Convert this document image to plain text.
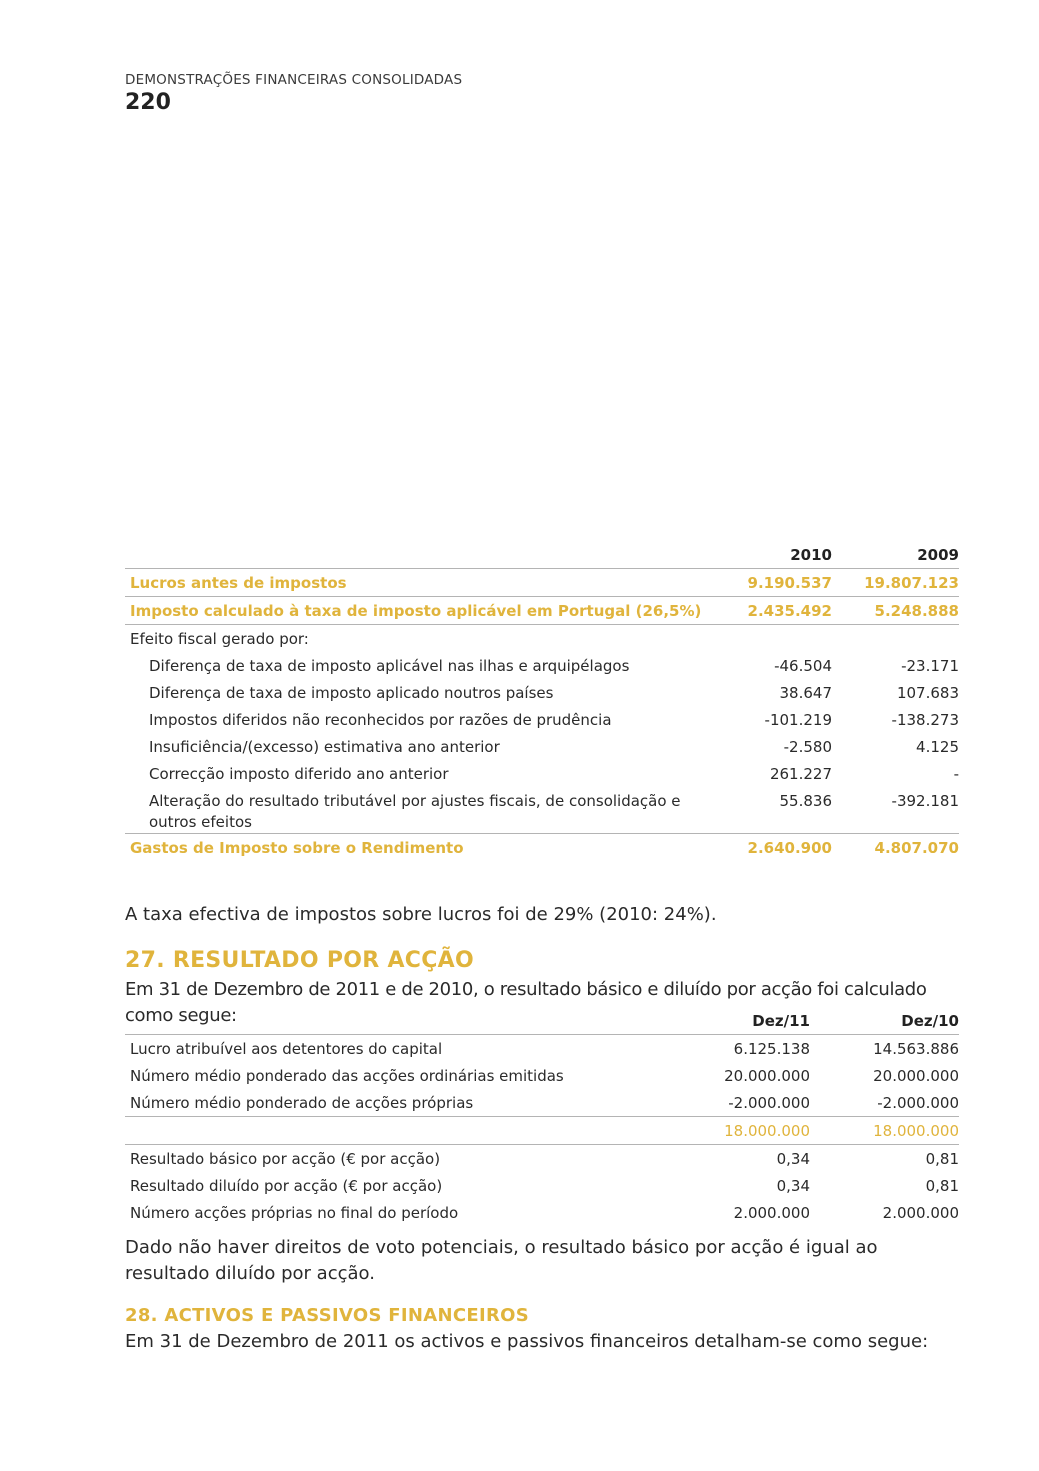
DEMONSTRAÇÕES FINANCEIRAS CONSOLIDADAS
220
	2010	2009
Lucros antes de impostos	9.190.537	19.807.123
Imposto calculado à taxa de imposto aplicável em Portugal (26,5%)	2.435.492	5.248.888
Efeito fiscal gerado por:		
Diferença de taxa de imposto aplicável nas ilhas e arquipélagos	-46.504	-23.171
Diferença de taxa de imposto aplicado noutros países	38.647	107.683
Impostos diferidos não reconhecidos por razões de prudência	-101.219	-138.273
Insuficiência/(excesso) estimativa ano anterior	-2.580	4.125
Correcção imposto diferido ano anterior	261.227	-
Alteração do resultado tributável por ajustes fiscais, de consolidação e
outros efeitos	55.836	-392.181
Gastos de Imposto sobre o Rendimento	2.640.900	4.807.070
A taxa efectiva de impostos sobre lucros foi de 29% (2010: 24%).
27. RESULTADO POR ACÇÃO
Em 31 de Dezembro de 2011 e de 2010, o resultado básico e diluído por acção foi calculado como segue:
		Dez/11	Dez/10
Lucro atribuível aos detentores do capital	6.125.138	14.563.886
Número médio ponderado das acções ordinárias emitidas	20.000.000	20.000.000
Número médio ponderado de acções próprias	-2.000.000	-2.000.000
	18.000.000	18.000.000
Resultado básico por acção (€ por acção)	0,34	0,81
Resultado diluído por acção (€ por acção)	0,34	0,81
Número acções próprias no final do período	2.000.000	2.000.000
Dado não haver direitos de voto potenciais, o resultado básico por acção é igual ao resultado diluído por acção.
28. ACTIVOS E PASSIVOS FINANCEIROS
Em 31 de Dezembro de 2011 os activos e passivos financeiros detalham-se como segue:
